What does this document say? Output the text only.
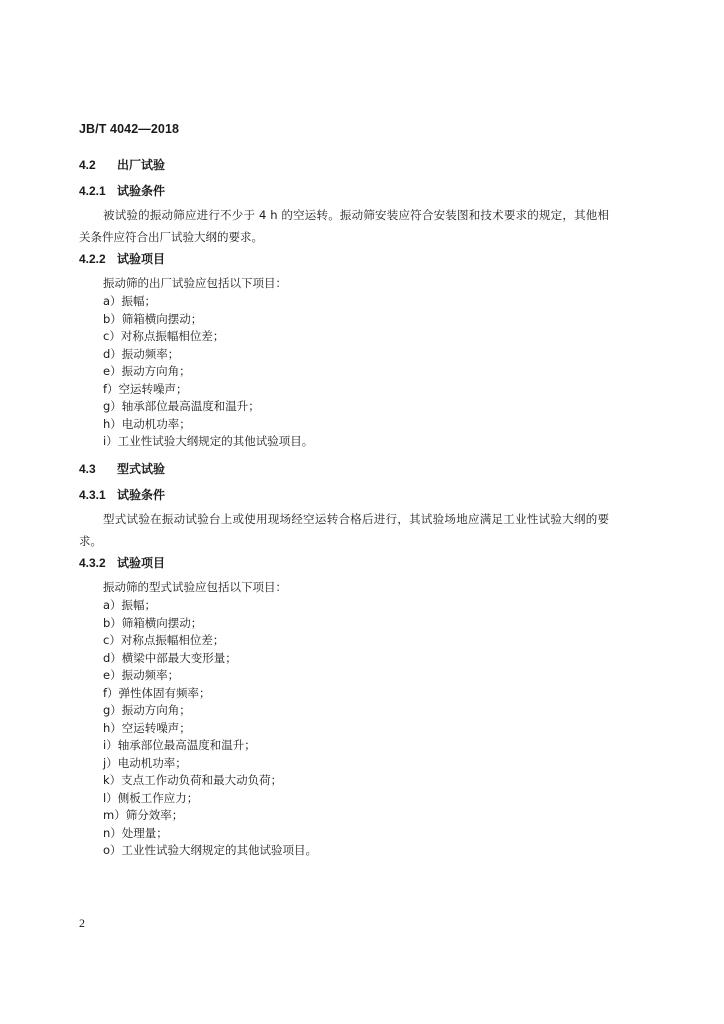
JB/T 4042—2018
4.2 出厂试验
4.2.1 试验条件
被试验的振动筛应进行不少于 4 h 的空运转。振动筛安装应符合安装图和技术要求的规定，其他相关条件应符合出厂试验大纲的要求。
4.2.2 试验项目
振动筛的出厂试验应包括以下项目：
a）振幅；
b）筛箱横向摆动；
c）对称点振幅相位差；
d）振动频率；
e）振动方向角；
f）空运转噪声；
g）轴承部位最高温度和温升；
h）电动机功率；
i）工业性试验大纲规定的其他试验项目。
4.3 型式试验
4.3.1 试验条件
型式试验在振动试验台上或使用现场经空运转合格后进行，其试验场地应满足工业性试验大纲的要求。
4.3.2 试验项目
振动筛的型式试验应包括以下项目：
a）振幅；
b）筛箱横向摆动；
c）对称点振幅相位差；
d）横梁中部最大变形量；
e）振动频率；
f）弹性体固有频率；
g）振动方向角；
h）空运转噪声；
i）轴承部位最高温度和温升；
j）电动机功率；
k）支点工作动负荷和最大动负荷；
l）侧板工作应力；
m）筛分效率；
n）处理量；
o）工业性试验大纲规定的其他试验项目。
2
